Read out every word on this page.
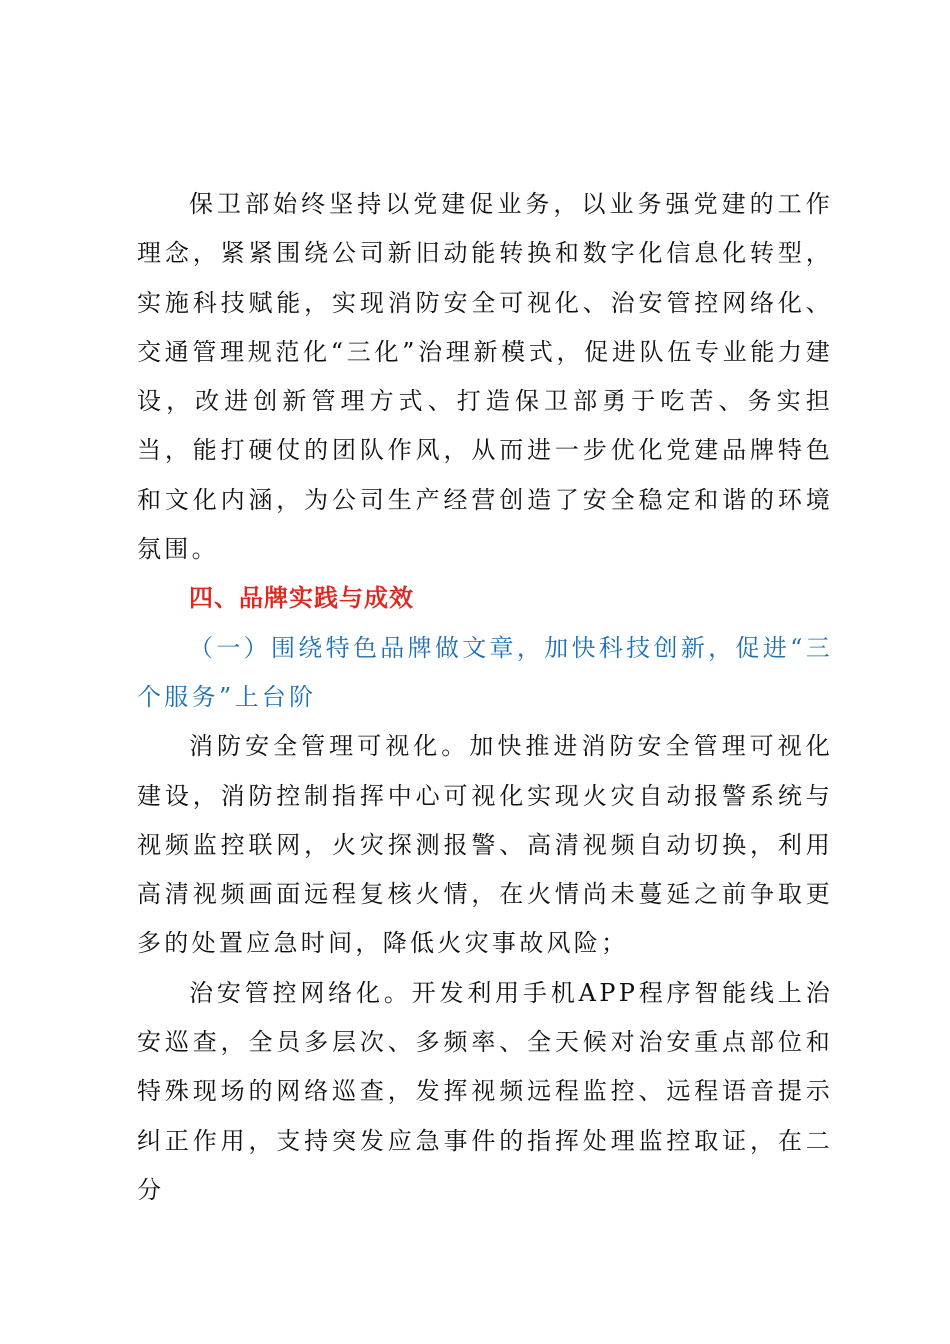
保卫部始终坚持以党建促业务，以业务强党建的工作理念，紧紧围绕公司新旧动能转换和数字化信息化转型，实施科技赋能，实现消防安全可视化、治安管控网络化、交通管理规范化“三化”治理新模式，促进队伍专业能力建设，改进创新管理方式、打造保卫部勇于吃苦、务实担当，能打硬仗的团队作风，从而进一步优化党建品牌特色和文化内涵，为公司生产经营创造了安全稳定和谐的环境氛围。

四、品牌实践与成效

（一）围绕特色品牌做文章，加快科技创新，促进“三个服务”上台阶

消防安全管理可视化。加快推进消防安全管理可视化建设，消防控制指挥中心可视化实现火灾自动报警系统与视频监控联网，火灾探测报警、高清视频自动切换，利用高清视频画面远程复核火情，在火情尚未蔓延之前争取更多的处置应急时间，降低火灾事故风险；

治安管控网络化。开发利用手机APP程序智能线上治安巡查，全员多层次、多频率、全天候对治安重点部位和特殊现场的网络巡查，发挥视频远程监控、远程语音提示纠正作用，支持突发应急事件的指挥处理监控取证，在二分
